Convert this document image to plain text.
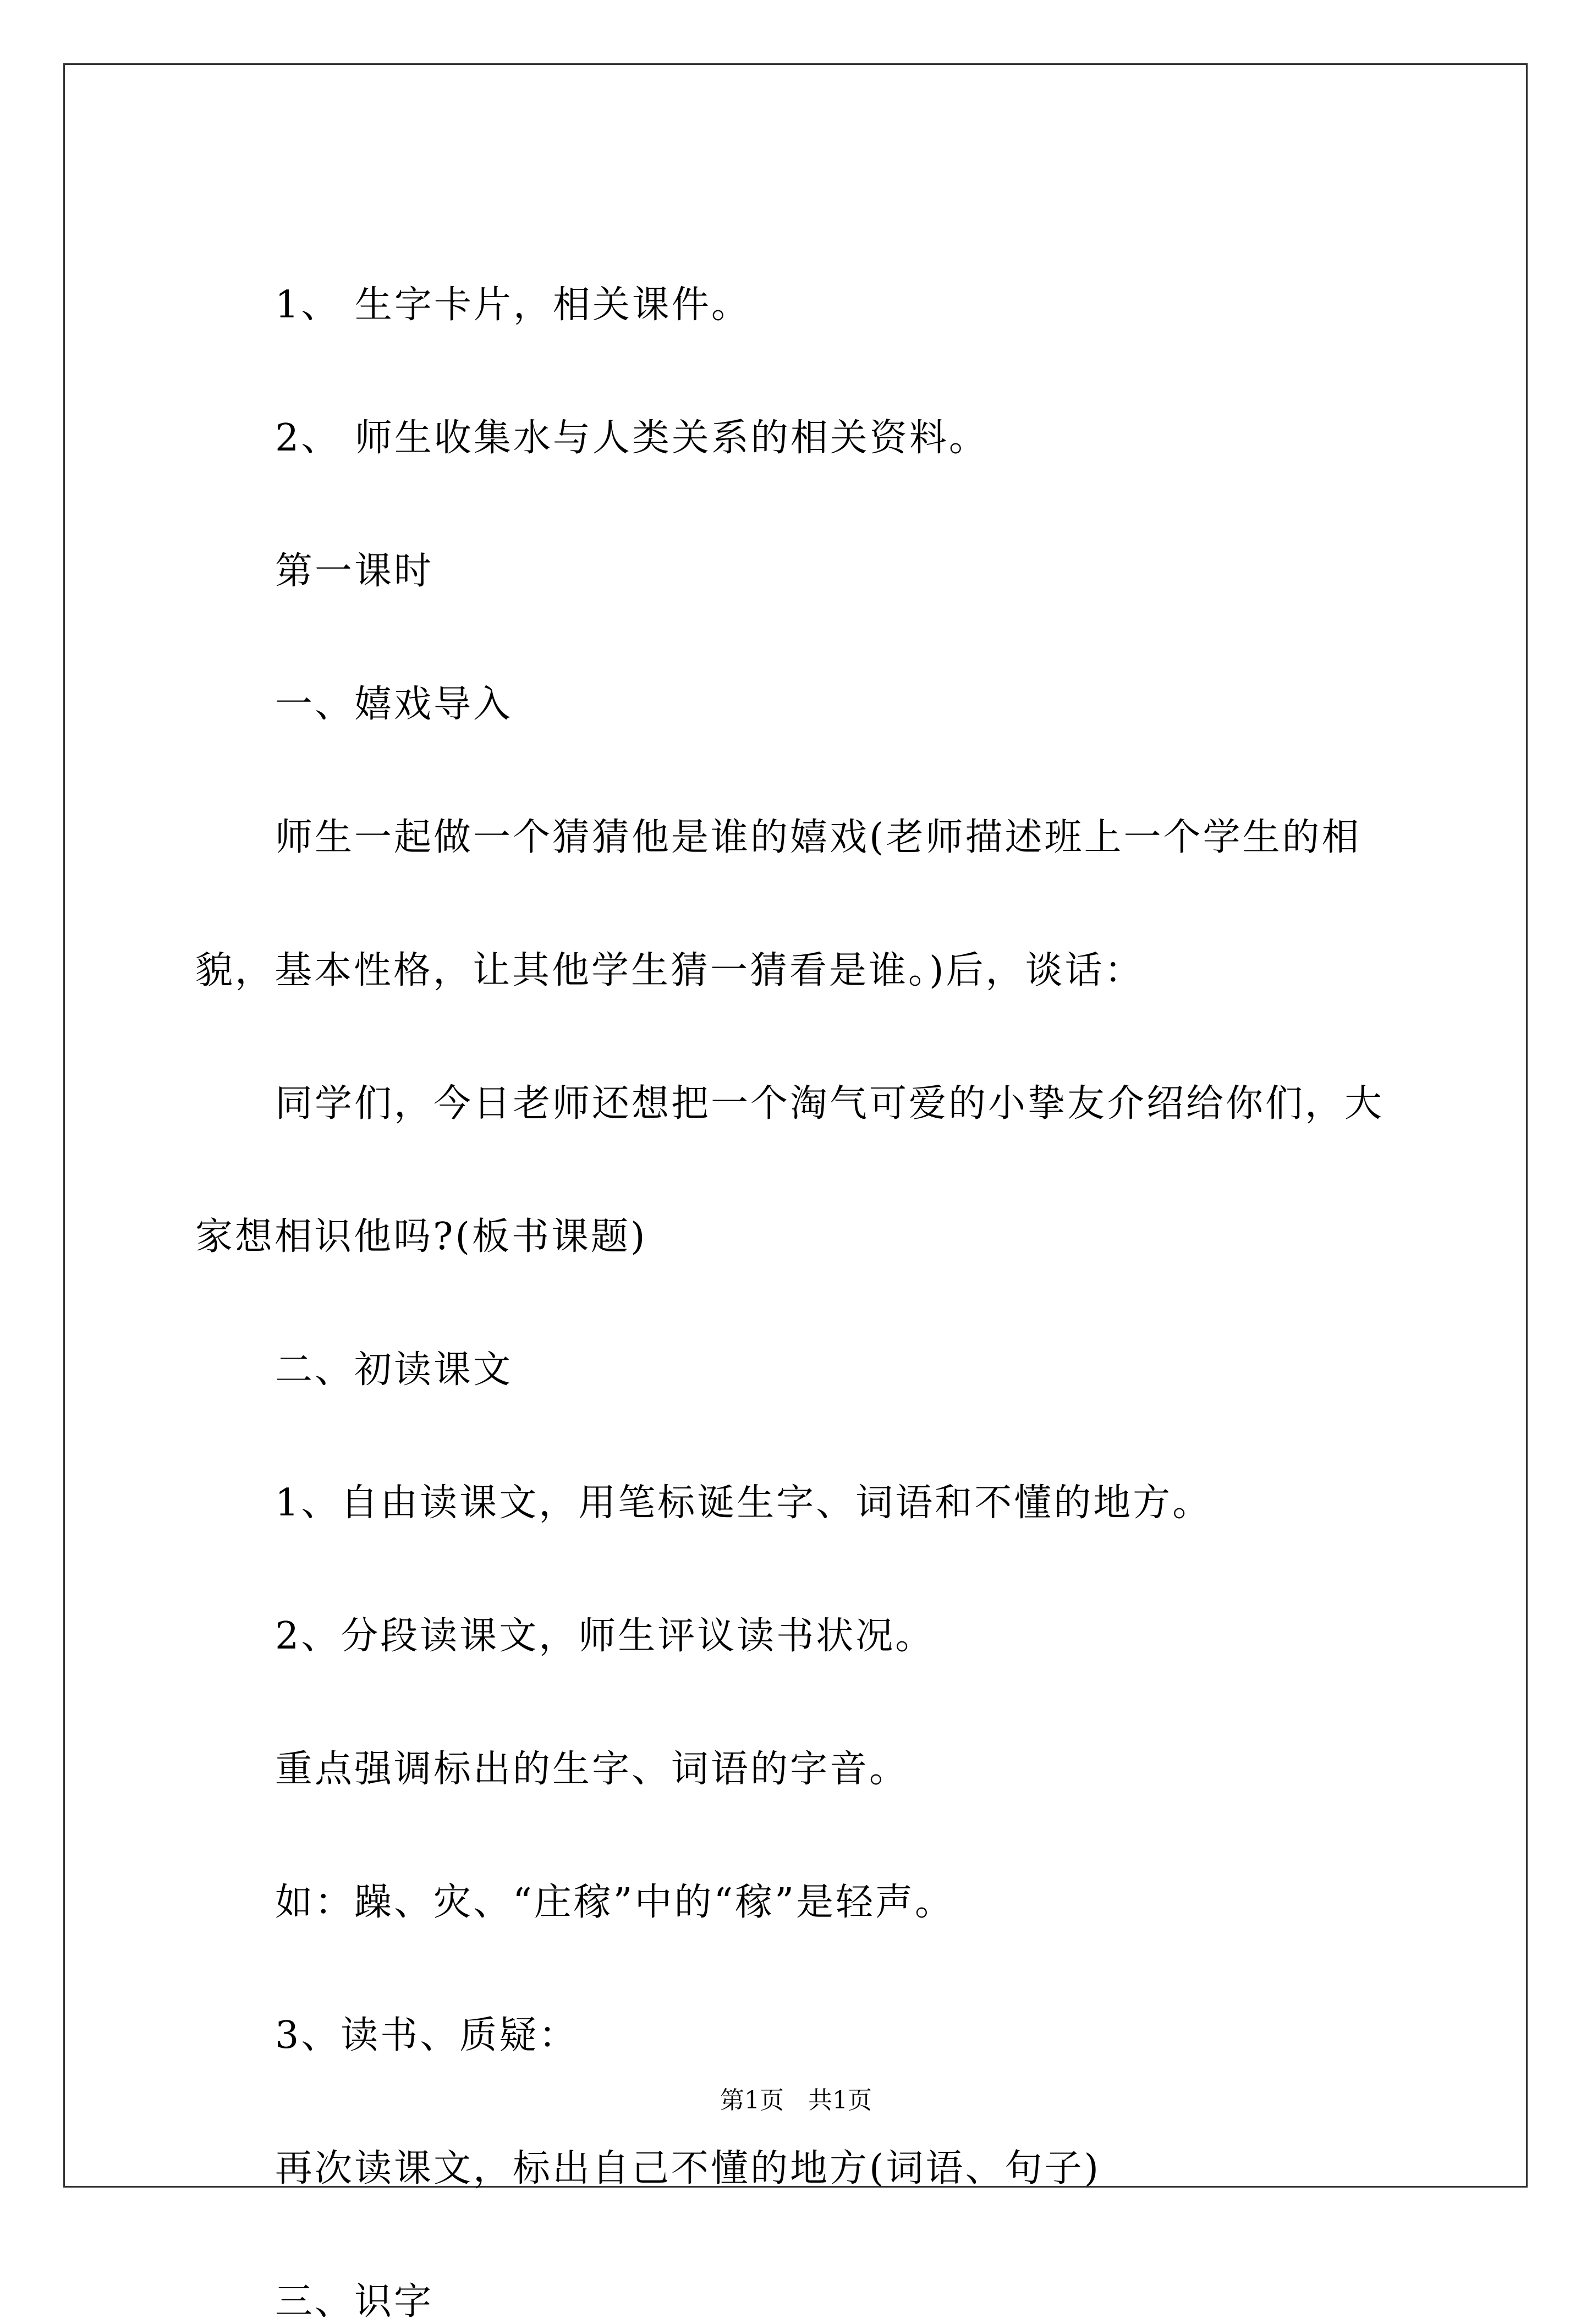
1、 生字卡片，相关课件。
2、 师生收集水与人类关系的相关资料。
第一课时
一、嬉戏导入
师生一起做一个猜猜他是谁的嬉戏(老师描述班上一个学生的相
貌，基本性格，让其他学生猜一猜看是谁。)后，谈话：
同学们，今日老师还想把一个淘气可爱的小挚友介绍给你们，大
家想相识他吗?(板书课题)
二、初读课文
1、自由读课文，用笔标诞生字、词语和不懂的地方。
2、分段读课文，师生评议读书状况。
重点强调标出的生字、词语的字音。
如：躁、灾、“庄稼”中的“稼”是轻声。
3、读书、质疑：
再次读课文，标出自己不懂的地方(词语、句子)
三、识字
第1页　共1页
